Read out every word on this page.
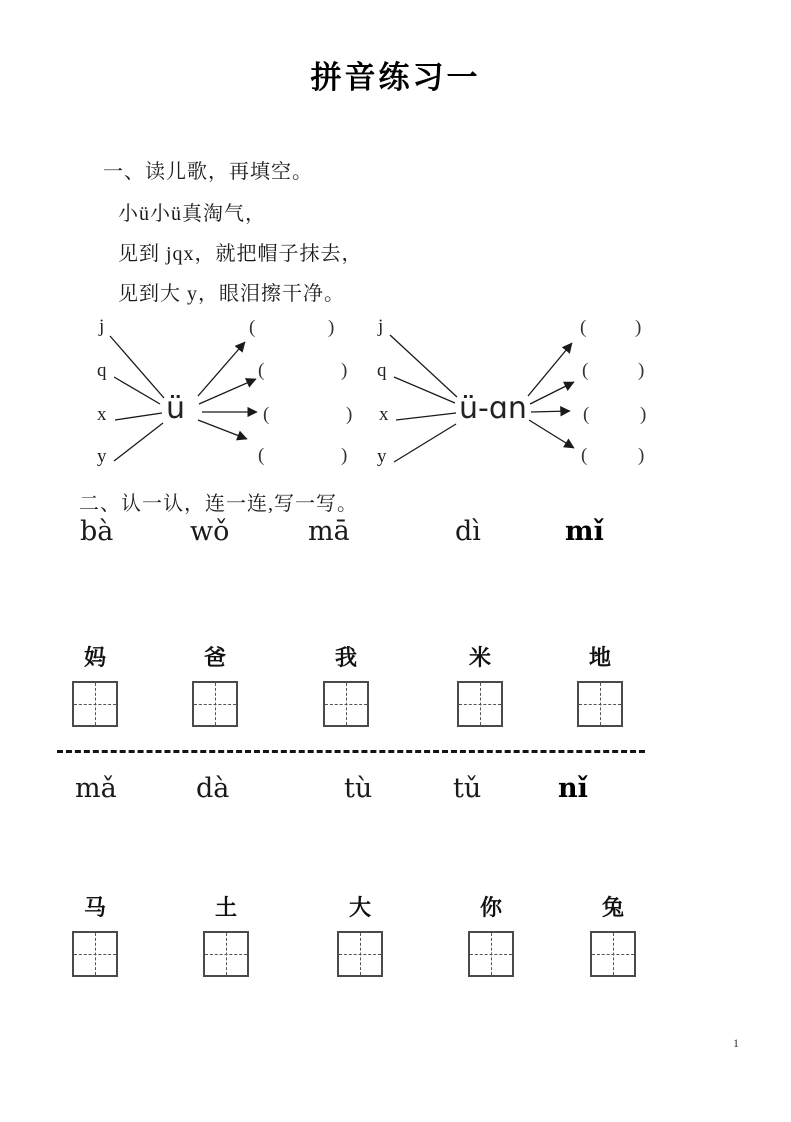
拼音练习一
一、读儿歌，再填空。
小ü小ü真淘气，
见到 jqx，就把帽子抹去，
见到大 y，眼泪擦干净。
j
q
x
y
ü
(	)
(	)
(	)
(	)
j
q
x
y
ü-ɑn
(	)
(	)
(	)
(	)
二、认一认，连一连,写一写。
bà	wǒ	mā	dì	mǐ
妈	爸	我	米	地
mǎ	dà	tù	tǔ	nǐ
马	土	大	你	兔
1
